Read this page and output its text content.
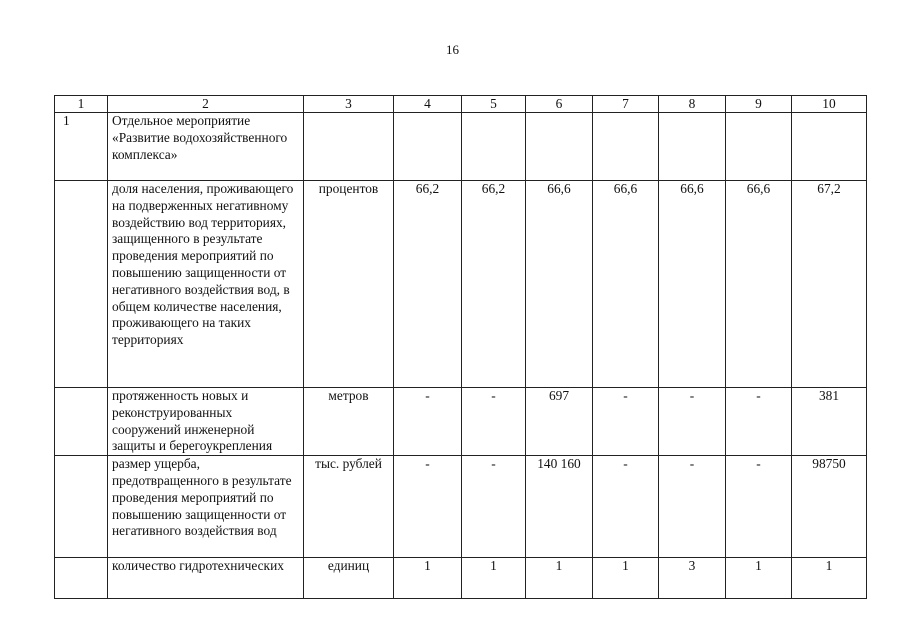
16
1	2	3	4	5	6	7	8	9	10
1	Отдельное мероприятие «Развитие водохозяйственного комплекса»								
	доля населения, проживающего на подверженных негативному воздействию вод территориях, защищенного в результате проведения мероприятий по повышению защищенности от негативного воздействия вод, в общем количестве населения, проживающего на таких территориях	процентов	66,2	66,2	66,6	66,6	66,6	66,6	67,2
	протяженность новых и реконструированных сооружений инженерной защиты и берегоукрепления	метров	-	-	697	-	-	-	381
	размер ущерба, предотвращенного в результате проведения мероприятий по повышению защищенности от негативного воздействия вод	тыс. рублей	-	-	140 160	-	-	-	98750
	количество гидротехнических	единиц	1	1	1	1	3	1	1
